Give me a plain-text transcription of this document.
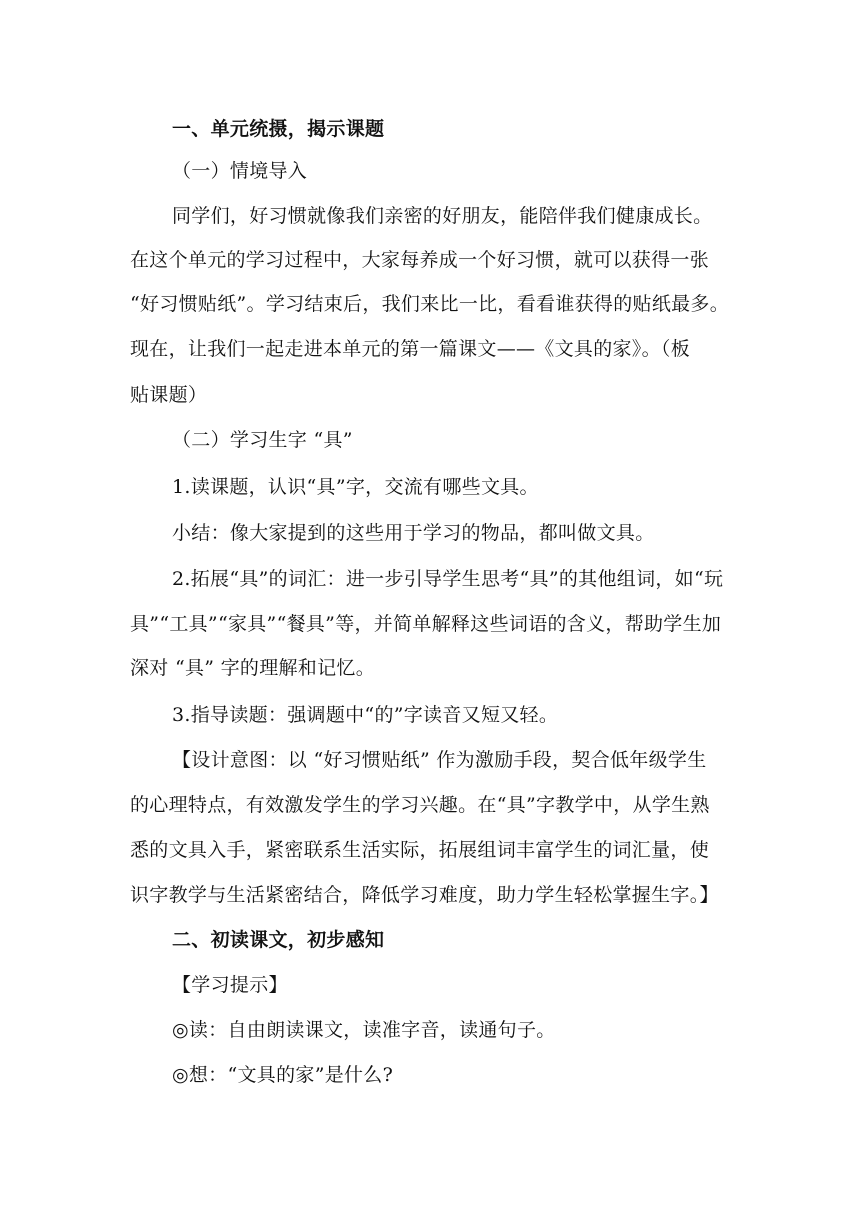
一、单元统摄，揭示课题
（一）情境导入
同学们，好习惯就像我们亲密的好朋友，能陪伴我们健康成长。
在这个单元的学习过程中，大家每养成一个好习惯，就可以获得一张
“好习惯贴纸”。学习结束后，我们来比一比，看看谁获得的贴纸最多。
现在，让我们一起走进本单元的第一篇课文——《文具的家》。（板
贴课题）
（二）学习生字 “具”
1.读课题，认识“具”字，交流有哪些文具。
小结：像大家提到的这些用于学习的物品，都叫做文具。
2.拓展“具”的词汇：进一步引导学生思考“具”的其他组词，如“玩
具”“工具”“家具”“餐具”等，并简单解释这些词语的含义，帮助学生加
深对 “具” 字的理解和记忆。
3.指导读题：强调题中“的”字读音又短又轻。
【设计意图：以 “好习惯贴纸” 作为激励手段，契合低年级学生
的心理特点，有效激发学生的学习兴趣。在“具”字教学中，从学生熟
悉的文具入手，紧密联系生活实际，拓展组词丰富学生的词汇量，使
识字教学与生活紧密结合，降低学习难度，助力学生轻松掌握生字。】
二、初读课文，初步感知
【学习提示】
◎读：自由朗读课文，读准字音，读通句子。
◎想：“文具的家”是什么?
